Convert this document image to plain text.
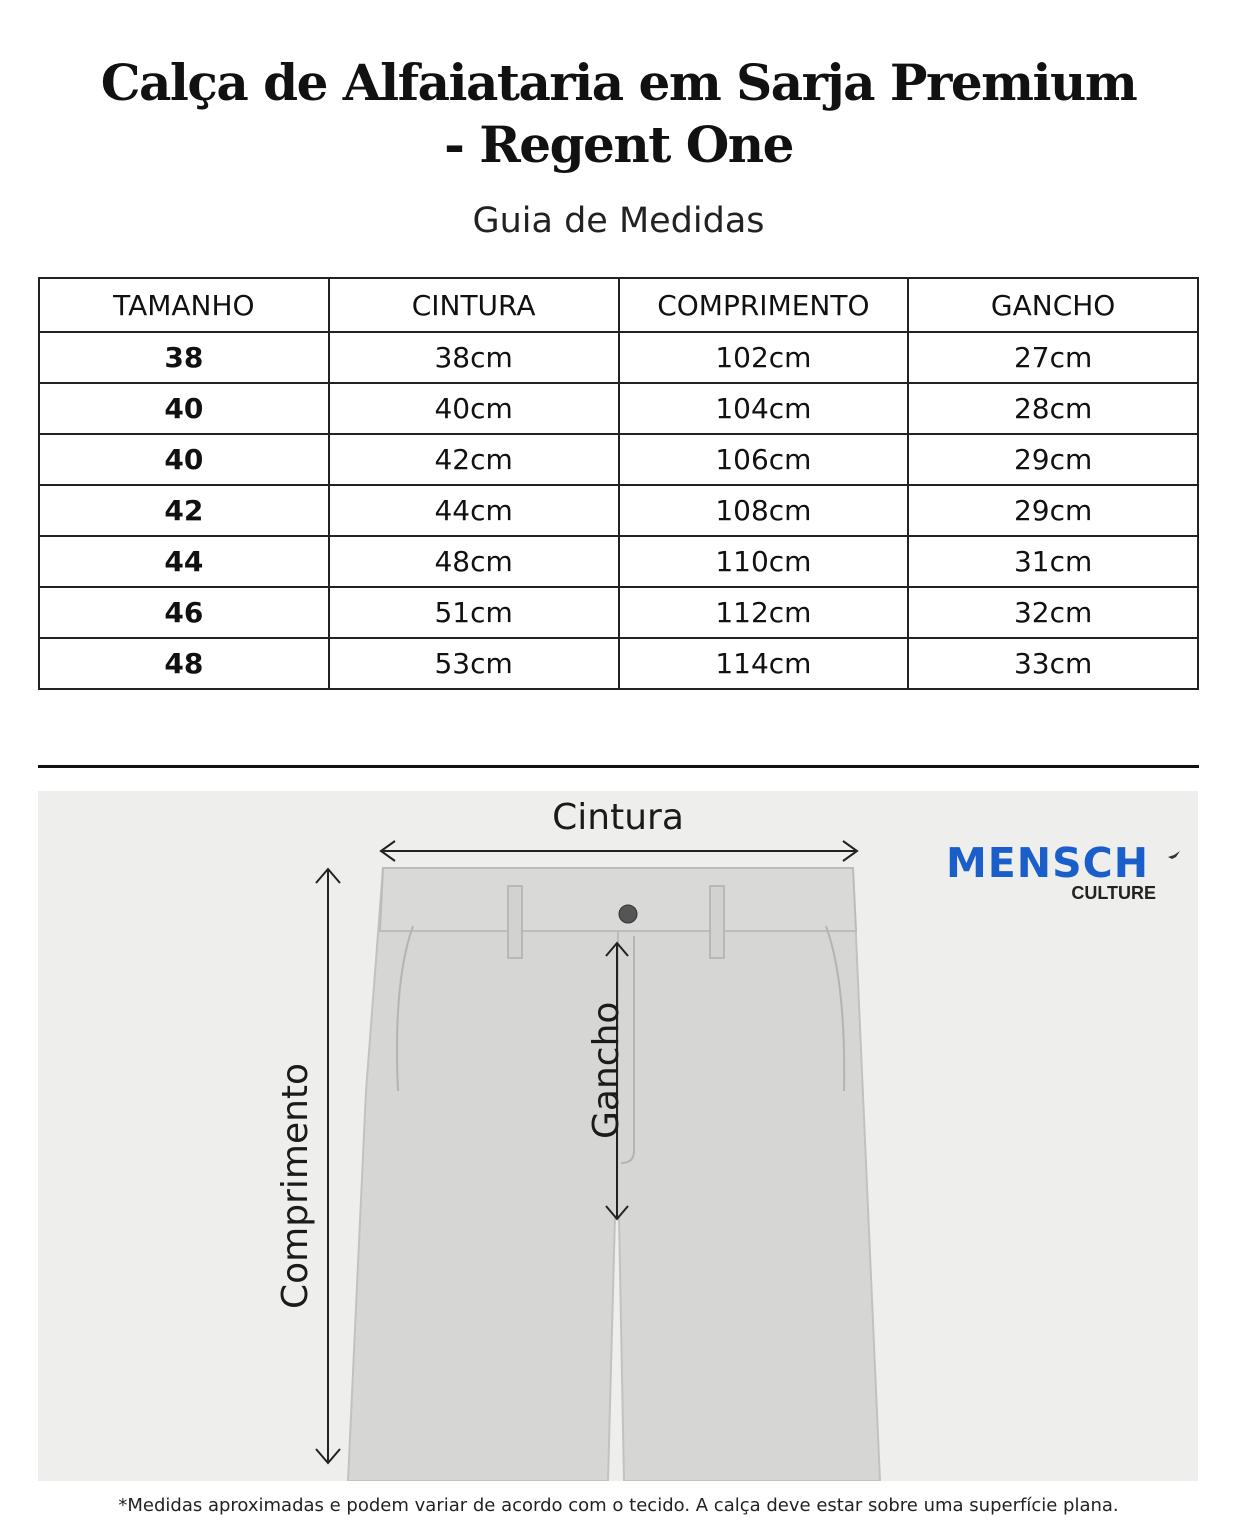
Calça de Alfaiataria em Sarja Premium
- Regent One
Guia de Medidas
TAMANHO	CINTURA	COMPRIMENTO	GANCHO
38	38cm	102cm	27cm
40	40cm	104cm	28cm
40	42cm	106cm	29cm
42	44cm	108cm	29cm
44	48cm	110cm	31cm
46	51cm	112cm	32cm
48	53cm	114cm	33cm
Cintura
Gancho
Comprimento
MENSCH
CULTURE
*Medidas aproximadas e podem variar de acordo com o tecido. A calça deve estar sobre uma superfície plana.
